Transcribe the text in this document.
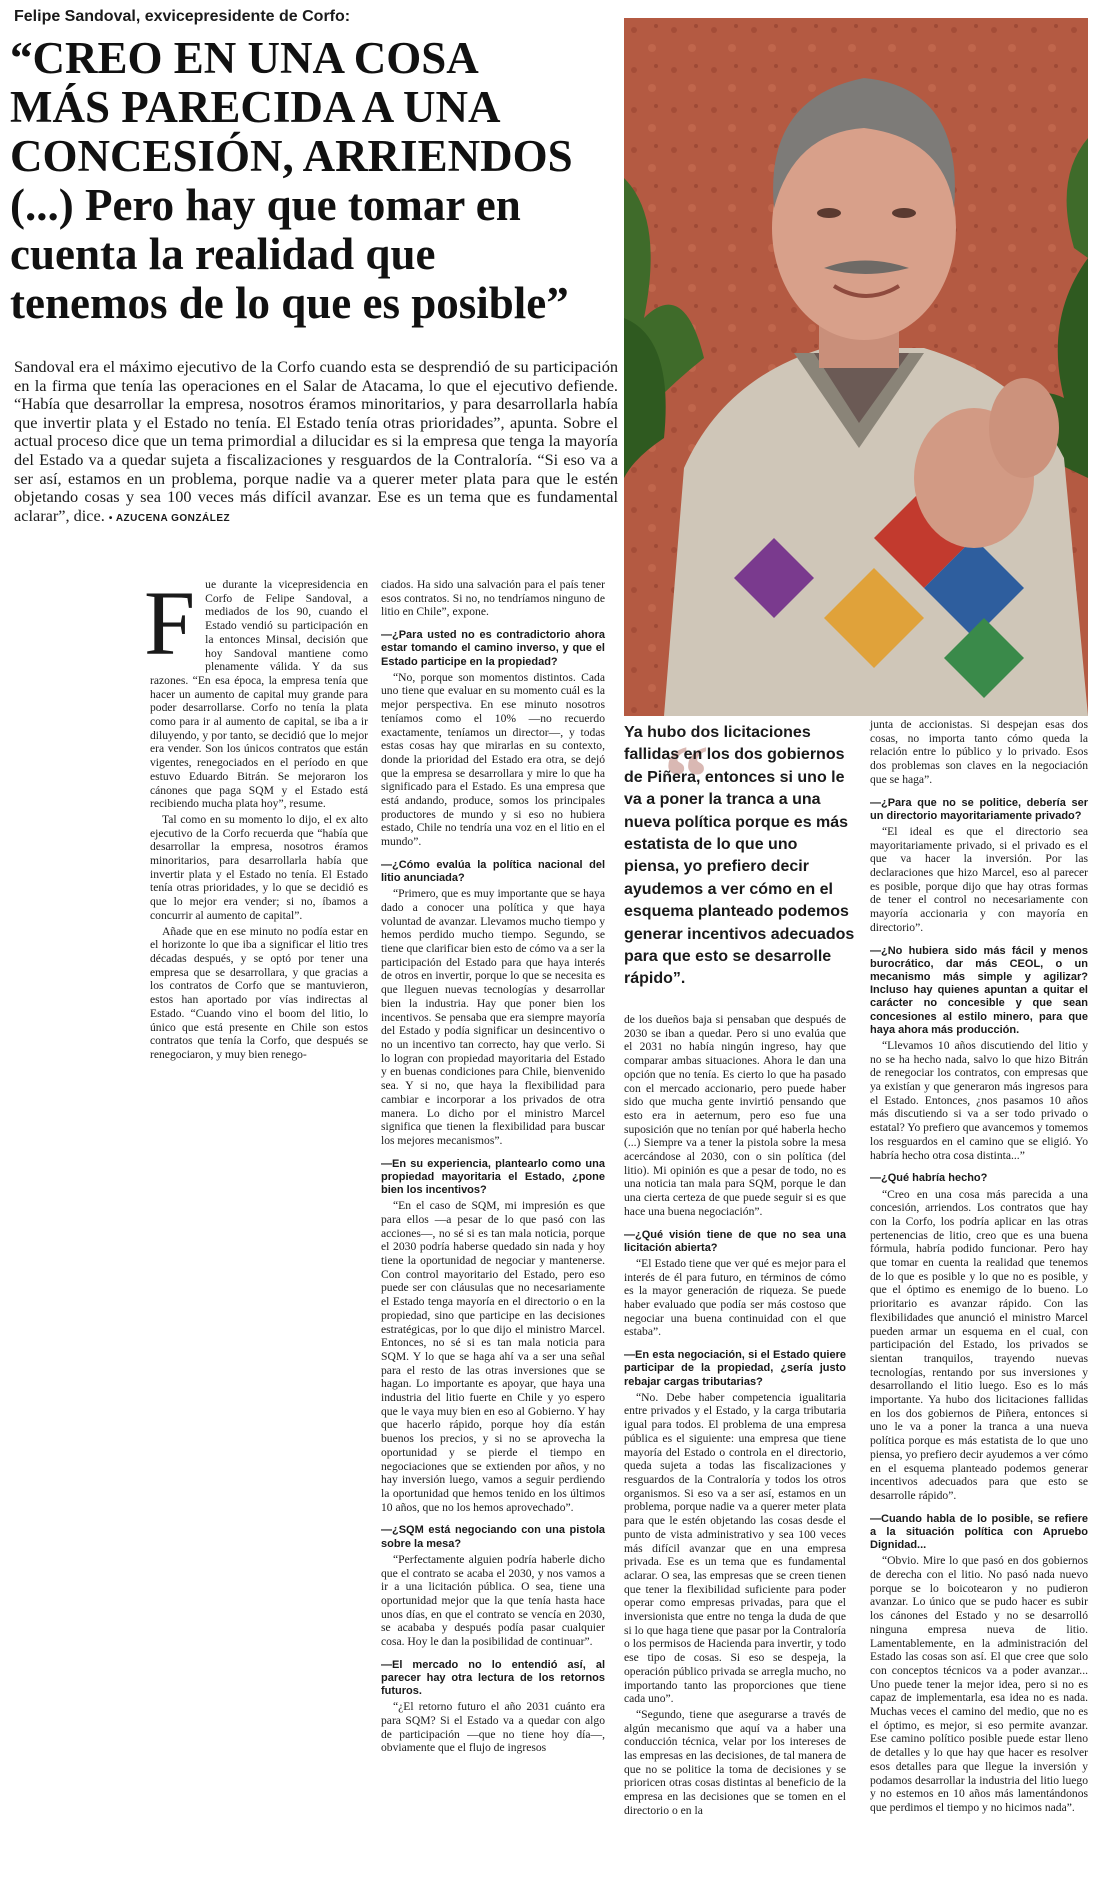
Felipe Sandoval, exvicepresidente de Corfo:
“CREO EN UNA COSA
MÁS PARECIDA A UNA
CONCESIÓN, ARRIENDOS
(...) Pero hay que tomar en
cuenta la realidad que
tenemos de lo que es posible”
Sandoval era el máximo ejecutivo de la Corfo cuando esta se desprendió de su participación en la firma que tenía las operaciones en el Salar de Atacama, lo que el ejecutivo defiende. “Había que desarrollar la empresa, nosotros éramos minoritarios, y para desarrollarla había que invertir plata y el Estado no tenía. El Estado tenía otras prioridades”, apunta. Sobre el actual proceso dice que un tema primordial a dilucidar es si la empresa que tenga la mayoría del Estado va a quedar sujeta a fiscalizaciones y resguardos de la Contraloría. “Si eso va a ser así, estamos en un problema, porque nadie va a querer meter plata para que le estén objetando cosas y sea 100 veces más difícil avanzar. Ese es un tema que es fundamental aclarar”, dice. • AZUCENA GONZÁLEZ
“
Ya hubo dos licitaciones fallidas en los dos gobiernos de Piñera, entonces si uno le va a poner la tranca a una nueva política porque es más estatista de lo que uno piensa, yo prefiero decir ayudemos a ver cómo en el esquema planteado podemos generar incentivos adecuados para que esto se desarrolle rápido”.
F ue durante la vicepresidencia en Corfo de Felipe Sandoval, a mediados de los 90, cuando el Estado vendió su participación en la entonces Minsal, decisión que hoy Sandoval mantiene como plenamente válida. Y da sus razones. “En esa época, la empresa tenía que hacer un aumento de capital muy grande para poder desarrollarse. Corfo no tenía la plata como para ir al aumento de capital, se iba a ir diluyendo, y por tanto, se decidió que lo mejor era vender. Son los únicos contratos que están vigentes, renegociados en el período en que estuvo Eduardo Bitrán. Se mejoraron los cánones que paga SQM y el Estado está recibiendo mucha plata hoy”, resume.

Tal como en su momento lo dijo, el ex alto ejecutivo de la Corfo recuerda que “había que desarrollar la empresa, nosotros éramos minoritarios, para desarrollarla había que invertir plata y el Estado no tenía. El Estado tenía otras prioridades, y lo que se decidió es que lo mejor era vender; si no, íbamos a concurrir al aumento de capital”.

Añade que en ese minuto no podía estar en el horizonte lo que iba a significar el litio tres décadas después, y se optó por tener una empresa que se desarrollara, y que gracias a los contratos de Corfo que se mantuvieron, estos han aportado por vías indirectas al Estado. “Cuando vino el boom del litio, lo único que está presente en Chile son estos contratos que tenía la Corfo, que después se renegociaron, y muy bien renego-

ciados. Ha sido una salvación para el país tener esos contratos. Si no, no tendríamos ninguno de litio en Chile”, expone.

—¿Para usted no es contradictorio ahora estar tomando el camino inverso, y que el Estado participe en la propiedad?

“No, porque son momentos distintos. Cada uno tiene que evaluar en su momento cuál es la mejor perspectiva. En ese minuto nosotros teníamos como el 10% —no recuerdo exactamente, teníamos un director—, y todas estas cosas hay que mirarlas en su contexto, donde la prioridad del Estado era otra, se dejó que la empresa se desarrollara y mire lo que ha significado para el Estado. Es una empresa que está andando, produce, somos los principales productores de mundo y si eso no hubiera estado, Chile no tendría una voz en el litio en el mundo”.

—¿Cómo evalúa la política nacional del litio anunciada?

“Primero, que es muy importante que se haya dado a conocer una política y que haya voluntad de avanzar. Llevamos mucho tiempo y hemos perdido mucho tiempo. Segundo, se tiene que clarificar bien esto de cómo va a ser la participación del Estado para que haya interés de otros en invertir, porque lo que se necesita es que lleguen nuevas tecnologías y desarrollar bien la industria. Hay que poner bien los incentivos. Se pensaba que era siempre mayoría del Estado y podía significar un desincentivo o no un incentivo tan correcto, hay que verlo. Si lo logran con propiedad mayoritaria del Estado y en buenas condiciones para Chile, bienvenido sea. Y si no, que haya la flexibilidad para cambiar e incorporar a los privados de otra manera. Lo dicho por el ministro Marcel significa que tienen la flexibilidad para buscar los mejores mecanismos”.

—En su experiencia, plantearlo como una propiedad mayoritaria el Estado, ¿pone bien los incentivos?

“En el caso de SQM, mi impresión es que para ellos —a pesar de lo que pasó con las acciones—, no sé si es tan mala noticia, porque el 2030 podría haberse quedado sin nada y hoy tiene la oportunidad de negociar y mantenerse. Con control mayoritario del Estado, pero eso puede ser con cláusulas que no necesariamente el Estado tenga mayoría en el directorio o en la propiedad, sino que participe en las decisiones estratégicas, por lo que dijo el ministro Marcel. Entonces, no sé si es tan mala noticia para SQM. Y lo que se haga ahí va a ser una señal para el resto de las otras inversiones que se hagan. Lo importante es apoyar, que haya una industria del litio fuerte en Chile y yo espero que le vaya muy bien en eso al Gobierno. Y hay que hacerlo rápido, porque hoy día están buenos los precios, y si no se aprovecha la oportunidad y se pierde el tiempo en negociaciones que se extienden por años, y no hay inversión luego, vamos a seguir perdiendo la oportunidad que hemos tenido en los últimos 10 años, que no los hemos aprovechado”.

—¿SQM está negociando con una pistola sobre la mesa?

“Perfectamente alguien podría haberle dicho que el contrato se acaba el 2030, y nos vamos a ir a una licitación pública. O sea, tiene una oportunidad mejor que la que tenía hasta hace unos días, en que el contrato se vencía en 2030, se acababa y después podía pasar cualquier cosa. Hoy le dan la posibilidad de continuar”.

—El mercado no lo entendió así, al parecer hay otra lectura de los retornos futuros.

“¿El retorno futuro el año 2031 cuánto era para SQM? Si el Estado va a quedar con algo de participación —que no tiene hoy día—, obviamente que el flujo de ingresos

de los dueños baja si pensaban que después de 2030 se iban a quedar. Pero si uno evalúa que el 2031 no había ningún ingreso, hay que comparar ambas situaciones. Ahora le dan una opción que no tenía. Es cierto lo que ha pasado con el mercado accionario, pero puede haber sido que mucha gente invirtió pensando que esto era in aeternum, pero eso fue una suposición que no tenían por qué haberla hecho (...) Siempre va a tener la pistola sobre la mesa acercándose al 2030, con o sin política (del litio). Mi opinión es que a pesar de todo, no es una noticia tan mala para SQM, porque le dan una cierta certeza de que puede seguir si es que hace una buena negociación”.

—¿Qué visión tiene de que no sea una licitación abierta?

“El Estado tiene que ver qué es mejor para el interés de él para futuro, en términos de cómo es la mayor generación de riqueza. Se puede haber evaluado que podía ser más costoso que negociar una buena continuidad con el que estaba”.

—En esta negociación, si el Estado quiere participar de la propiedad, ¿sería justo rebajar cargas tributarias?

“No. Debe haber competencia igualitaria entre privados y el Estado, y la carga tributaria igual para todos. El problema de una empresa pública es el siguiente: una empresa que tiene mayoría del Estado o controla en el directorio, queda sujeta a todas las fiscalizaciones y resguardos de la Contraloría y todos los otros organismos. Si eso va a ser así, estamos en un problema, porque nadie va a querer meter plata para que le estén objetando las cosas desde el punto de vista administrativo y sea 100 veces más difícil avanzar que en una empresa privada. Ese es un tema que es fundamental aclarar. O sea, las empresas que se creen tienen que tener la flexibilidad suficiente para poder operar como empresas privadas, para que el inversionista que entre no tenga la duda de que si lo que haga tiene que pasar por la Contraloría o los permisos de Hacienda para invertir, y todo ese tipo de cosas. Si eso se despeja, la operación público privada se arregla mucho, no importando tanto las proporciones que tiene cada uno”.

“Segundo, tiene que asegurarse a través de algún mecanismo que aquí va a haber una conducción técnica, velar por los intereses de las empresas en las decisiones, de tal manera de que no se politice la toma de decisiones y se prioricen otras cosas distintas al beneficio de la empresa en las decisiones que se tomen en el directorio o en la

junta de accionistas. Si despejan esas dos cosas, no importa tanto cómo queda la relación entre lo público y lo privado. Esos dos problemas son claves en la negociación que se haga”.

—¿Para que no se politice, debería ser un directorio mayoritariamente privado?

“El ideal es que el directorio sea mayoritariamente privado, si el privado es el que va hacer la inversión. Por las declaraciones que hizo Marcel, eso al parecer es posible, porque dijo que hay otras formas de tener el control no necesariamente con mayoría accionaria y con mayoría en directorio”.

—¿No hubiera sido más fácil y menos burocrático, dar más CEOL, o un mecanismo más simple y agilizar? Incluso hay quienes apuntan a quitar el carácter no concesible y que sean concesiones al estilo minero, para que haya ahora más producción.

“Llevamos 10 años discutiendo del litio y no se ha hecho nada, salvo lo que hizo Bitrán de renegociar los contratos, con empresas que ya existían y que generaron más ingresos para el Estado. Entonces, ¿nos pasamos 10 años más discutiendo si va a ser todo privado o estatal? Yo prefiero que avancemos y tomemos los resguardos en el camino que se eligió. Yo habría hecho otra cosa distinta...”

—¿Qué habría hecho?

“Creo en una cosa más parecida a una concesión, arriendos. Los contratos que hay con la Corfo, los podría aplicar en las otras pertenencias de litio, creo que es una buena fórmula, habría podido funcionar. Pero hay que tomar en cuenta la realidad que tenemos de lo que es posible y lo que no es posible, y que el óptimo es enemigo de lo bueno. Lo prioritario es avanzar rápido. Con las flexibilidades que anunció el ministro Marcel pueden armar un esquema en el cual, con participación del Estado, los privados se sientan tranquilos, trayendo nuevas tecnologías, rentando por sus inversiones y desarrollando el litio luego. Eso es lo más importante. Ya hubo dos licitaciones fallidas en los dos gobiernos de Piñera, entonces si uno le va a poner la tranca a una nueva política porque es más estatista de lo que uno piensa, yo prefiero decir ayudemos a ver cómo en el esquema planteado podemos generar incentivos adecuados para que esto se desarrolle rápido”.

—Cuando habla de lo posible, se refiere a la situación política con Apruebo Dignidad...

“Obvio. Mire lo que pasó en dos gobiernos de derecha con el litio. No pasó nada nuevo porque se lo boicotearon y no pudieron avanzar. Lo único que se pudo hacer es subir los cánones del Estado y no se desarrolló ninguna empresa nueva de litio. Lamentablemente, en la administración del Estado las cosas son así. El que cree que solo con conceptos técnicos va a poder avanzar... Uno puede tener la mejor idea, pero si no es capaz de implementarla, esa idea no es nada. Muchas veces el camino del medio, que no es el óptimo, es mejor, si eso permite avanzar. Ese camino político posible puede estar lleno de detalles y lo que hay que hacer es resolver esos detalles para que llegue la inversión y podamos desarrollar la industria del litio luego y no estemos en 10 años más lamentándonos que perdimos el tiempo y no hicimos nada”.
